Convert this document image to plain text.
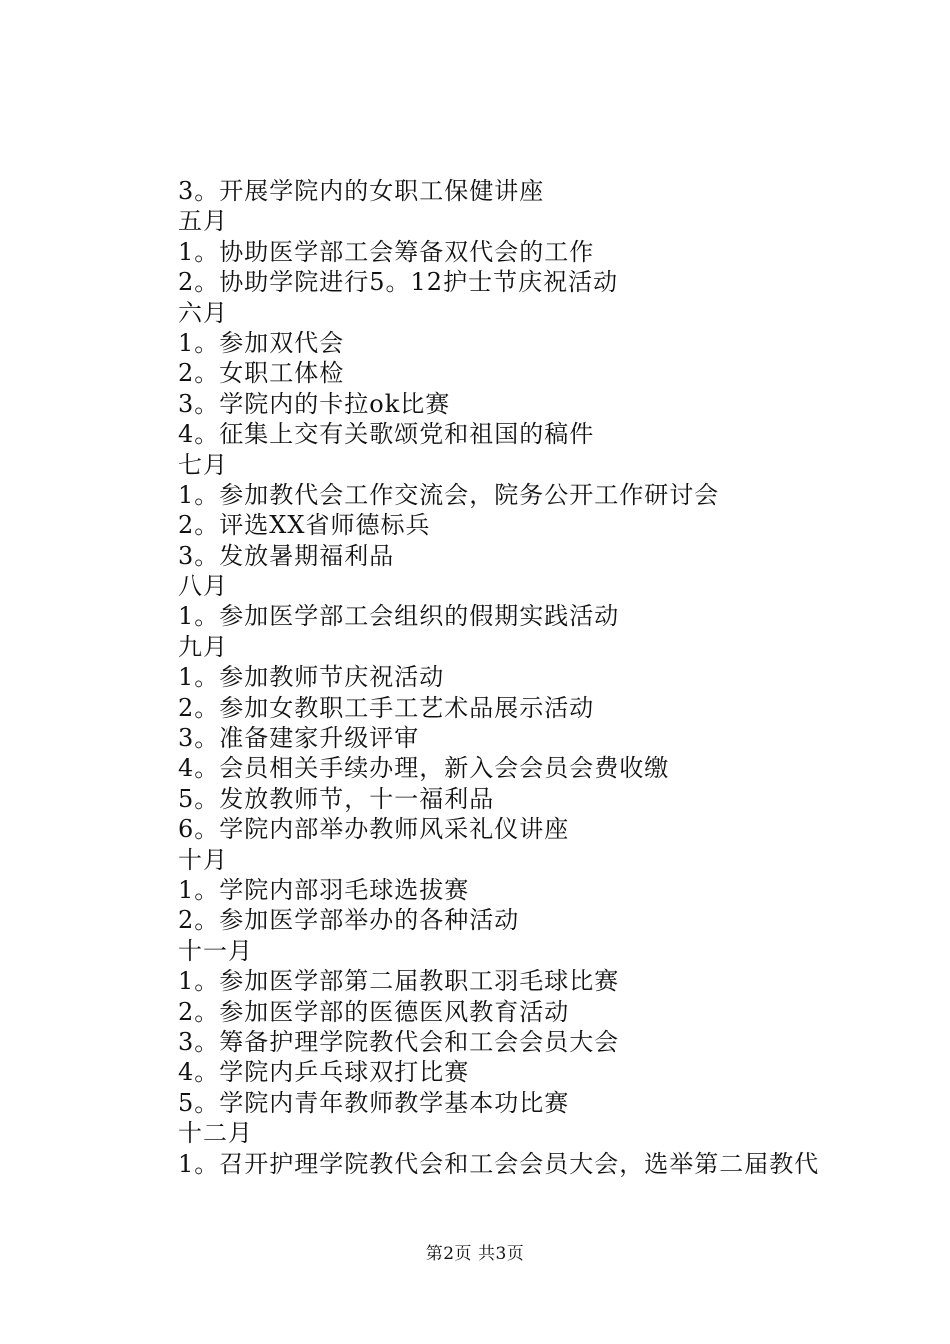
3。开展学院内的女职工保健讲座
五月
1。协助医学部工会筹备双代会的工作
2。协助学院进行5。12护士节庆祝活动
六月
1。参加双代会
2。女职工体检
3。学院内的卡拉ok比赛
4。征集上交有关歌颂党和祖国的稿件
七月
1。参加教代会工作交流会，院务公开工作研讨会
2。评选XX省师德标兵
3。发放暑期福利品
八月
1。参加医学部工会组织的假期实践活动
九月
1。参加教师节庆祝活动
2。参加女教职工手工艺术品展示活动
3。准备建家升级评审
4。会员相关手续办理，新入会会员会费收缴
5。发放教师节，十一福利品
6。学院内部举办教师风采礼仪讲座
十月
1。学院内部羽毛球选拔赛
2。参加医学部举办的各种活动
十一月
1。参加医学部第二届教职工羽毛球比赛
2。参加医学部的医德医风教育活动
3。筹备护理学院教代会和工会会员大会
4。学院内乒乓球双打比赛
5。学院内青年教师教学基本功比赛
十二月
1。召开护理学院教代会和工会会员大会，选举第二届教代
第2页 共3页
